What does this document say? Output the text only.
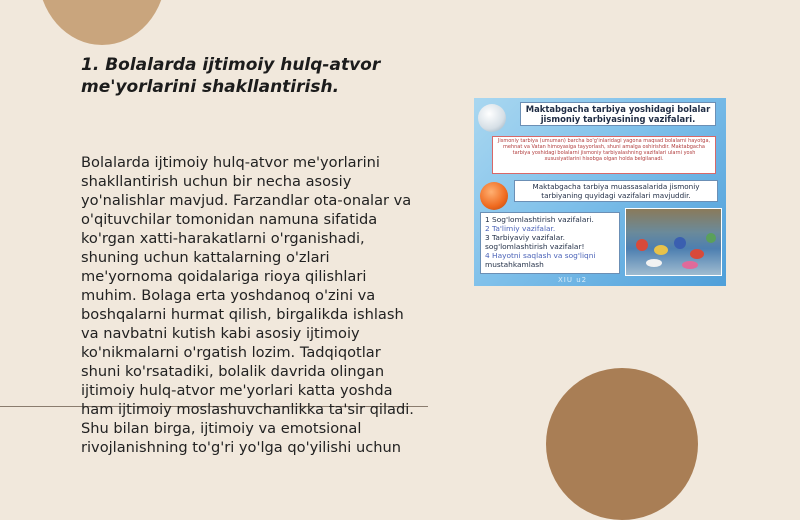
1. Bolalarda ijtimoiy hulq-atvor me'yorlarini shakllantirish.

Bolalarda ijtimoiy hulq-atvor me'yorlarini
shakllantirish uchun bir necha asosiy
yo'nalishlar mavjud. Farzandlar ota-onalar va
o'qituvchilar tomonidan namuna sifatida
ko'rgan xatti-harakatlarni o'rganishadi,
shuning uchun kattalarning o'zlari
me'yornoma qoidalariga rioya qilishlari
muhim. Bolaga erta yoshdanoq o'zini va
boshqalarni hurmat qilish, birgalikda ishlash
va navbatni kutish kabi asosiy ijtimoiy
ko'nikmalarni o'rgatish lozim. Tadqiqotlar
shuni ko'rsatadiki, bolalik davrida olingan
ijtimoiy hulq-atvor me'yorlari katta yoshda
ham ijtimoiy moslashuvchanlikka ta'sir qiladi.
Shu bilan birga, ijtimoiy va emotsional
rivojlanishning to'g'ri yo'lga qo'yilishi uchun

Maktabgacha tarbiya yoshidagi bolalar jismoniy tarbiyasining vazifalari.
Jismoniy tarbiya (umuman) barcha bo'g'inlaridagi yagona maqsad bolalarni hayotga, mehnat va Vatan himoyasiga tayyorlash, shuni amalga oshirishdir. Maktabgacha tarbiya yoshidagi bolalarni jismoniy tarbiyalashning vazifalari ularni yosh xususiyatlarini hisobga olgan holda belgilanadi.
Maktabgacha tarbiya muassasalarida jismoniy tarbiyaning quyidagi vazifalari mavjuddir.
1 Sog'lomlashtirish vazifalari.
2 Ta'limiy vazifalar.
3 Tarbiyaviy vazifalar.
sog'lomlashtirish vazifalar!
4 Hayotni saqlash va sog'liqni
mustahkamlash
XIU u2
